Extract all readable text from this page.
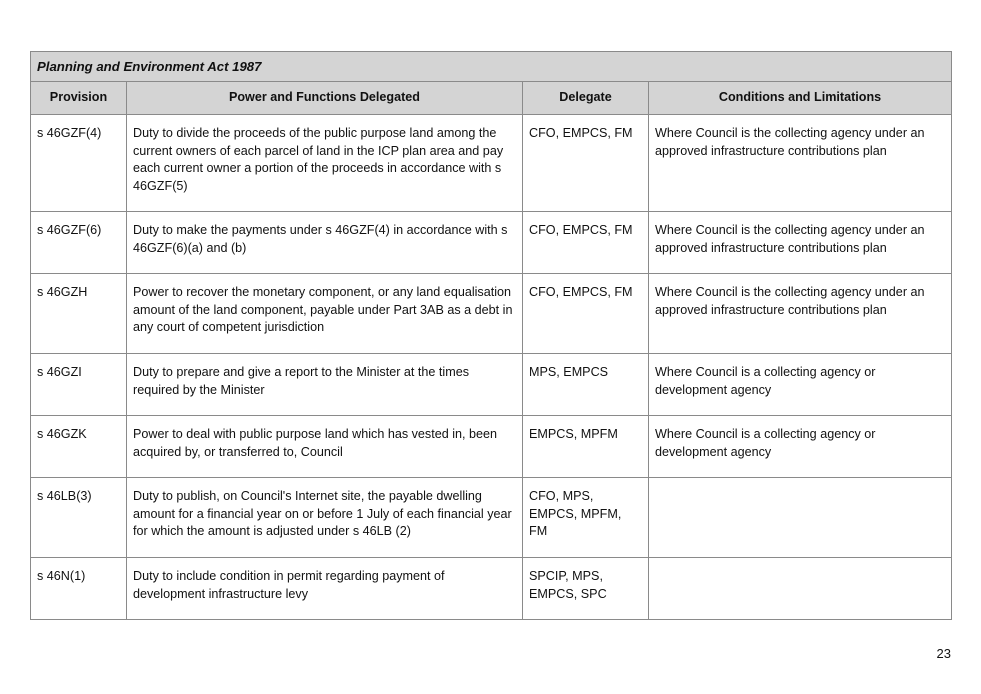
Planning and Environment Act 1987			
Provision	Power and Functions Delegated	Delegate	Conditions and Limitations
s 46GZF(4)	Duty to divide the proceeds of the public purpose land among the current owners of each parcel of land in the ICP plan area and pay each current owner a portion of the proceeds in accordance with s 46GZF(5)	CFO, EMPCS, FM	Where Council is the collecting agency under an approved infrastructure contributions plan
s 46GZF(6)	Duty to make the payments under s 46GZF(4) in accordance with s 46GZF(6)(a) and (b)	CFO, EMPCS, FM	Where Council is the collecting agency under an approved infrastructure contributions plan
s 46GZH	Power to recover the monetary component, or any land equalisation amount of the land component, payable under Part 3AB as a debt in any court of competent jurisdiction	CFO, EMPCS, FM	Where Council is the collecting agency under an approved infrastructure contributions plan
s 46GZI	Duty to prepare and give a report to the Minister at the times required by the Minister	MPS, EMPCS	Where Council is a collecting agency or development agency
s 46GZK	Power to deal with public purpose land which has vested in, been acquired by, or transferred to, Council	EMPCS, MPFM	Where Council is a collecting agency or development agency
s 46LB(3)	Duty to publish, on Council's Internet site, the payable dwelling amount for a financial year on or before 1 July of each financial year for which the amount is adjusted under s 46LB (2)	CFO, MPS, EMPCS, MPFM, FM	
s 46N(1)	Duty to include condition in permit regarding payment of development infrastructure levy	SPCIP, MPS, EMPCS, SPC	
23
